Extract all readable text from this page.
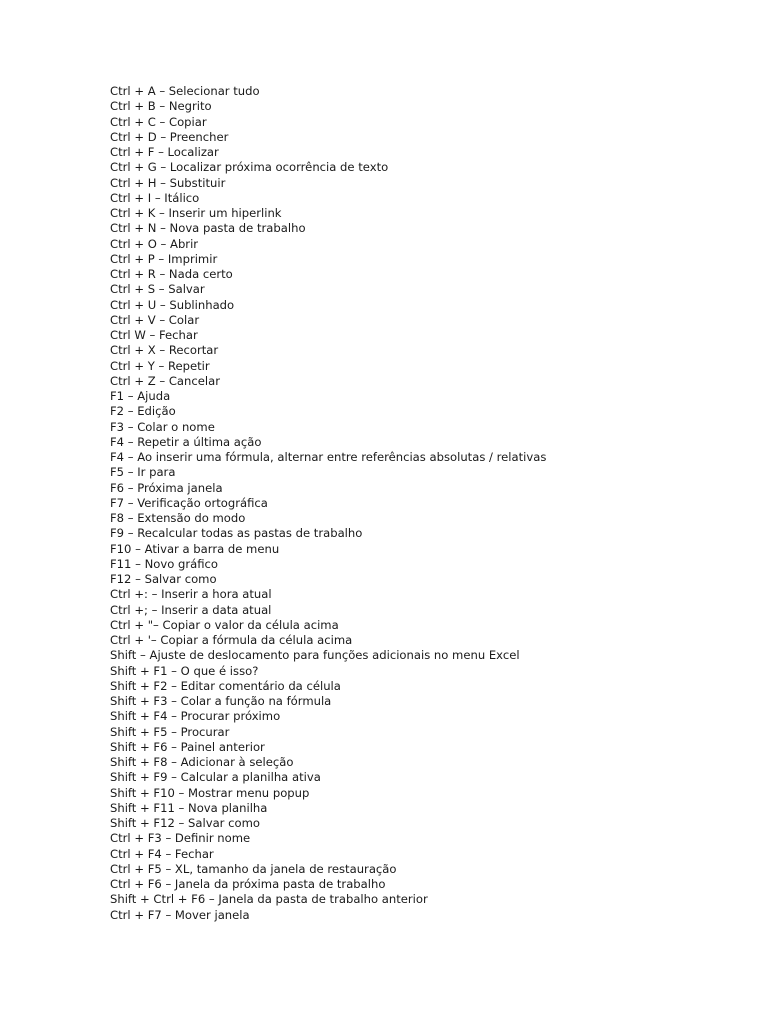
Ctrl + A – Selecionar tudo
Ctrl + B – Negrito
Ctrl + C – Copiar
Ctrl + D – Preencher
Ctrl + F – Localizar
Ctrl + G – Localizar próxima ocorrência de texto
Ctrl + H – Substituir
Ctrl + I – Itálico
Ctrl + K – Inserir um hiperlink
Ctrl + N – Nova pasta de trabalho
Ctrl + O – Abrir
Ctrl + P – Imprimir
Ctrl + R – Nada certo
Ctrl + S – Salvar
Ctrl + U – Sublinhado
Ctrl + V – Colar
Ctrl W – Fechar
Ctrl + X – Recortar
Ctrl + Y – Repetir
Ctrl + Z – Cancelar
F1 – Ajuda
F2 – Edição
F3 – Colar o nome
F4 – Repetir a última ação
F4 – Ao inserir uma fórmula, alternar entre referências absolutas / relativas
F5 – Ir para
F6 – Próxima janela
F7 – Verificação ortográfica
F8 – Extensão do modo
F9 – Recalcular todas as pastas de trabalho
F10 – Ativar a barra de menu
F11 – Novo gráfico
F12 – Salvar como
Ctrl +: – Inserir a hora atual
Ctrl +; – Inserir a data atual
Ctrl + "– Copiar o valor da célula acima
Ctrl + '– Copiar a fórmula da célula acima
Shift – Ajuste de deslocamento para funções adicionais no menu Excel
Shift + F1 – O que é isso?
Shift + F2 – Editar comentário da célula
Shift + F3 – Colar a função na fórmula
Shift + F4 – Procurar próximo
Shift + F5 – Procurar
Shift + F6 – Painel anterior
Shift + F8 – Adicionar à seleção
Shift + F9 – Calcular a planilha ativa
Shift + F10 – Mostrar menu popup
Shift + F11 – Nova planilha
Shift + F12 – Salvar como
Ctrl + F3 – Definir nome
Ctrl + F4 – Fechar
Ctrl + F5 – XL, tamanho da janela de restauração
Ctrl + F6 – Janela da próxima pasta de trabalho
Shift + Ctrl + F6 – Janela da pasta de trabalho anterior
Ctrl + F7 – Mover janela
